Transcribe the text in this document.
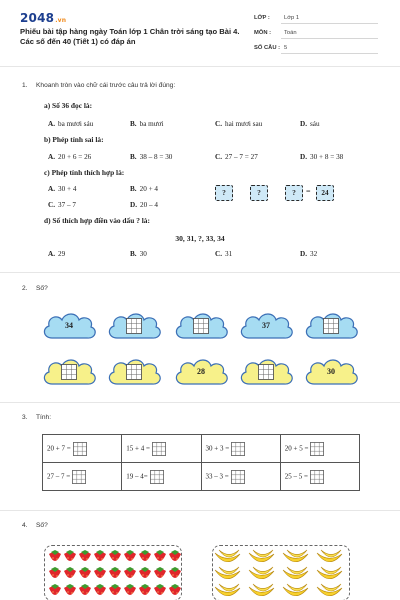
2048.vn
Phiếu bài tập hàng ngày Toán lớp 1 Chân trời sáng tạo Bài 4. Các số đến 40 (Tiết 1) có đáp án
LỚP : Lớp 1
MÔN : Toán
SỐ CÂU : 5
1. Khoanh tròn vào chữ cái trước câu trả lời đúng:
a) Số 36 đọc là:
A. ba mươi sáu	B. ba mươi	C. hai mươi sau	D. sáu
b) Phép tính sai là:
A. 20 + 6 = 26	B. 38 – 8 = 30	C. 27 – 7 = 27	D. 30 + 8 = 38
c) Phép tính thích hợp là:
A. 30 + 4	B. 20 + 4
C. 37 – 7	D. 20 – 4
?	?	?	=	24
d) Số thích hợp điền vào dấu ? là:
30, 31, ?, 33, 34
A. 29	B. 30	C. 31	D. 32
2. Số?
34	37
28	30
3. Tính:
20 + 7 =	15 + 4 =	30 + 3 =	20 + 5 =
27 – 7 =	19 – 4=	33 – 3 =	25 – 5 =
4. Số?
